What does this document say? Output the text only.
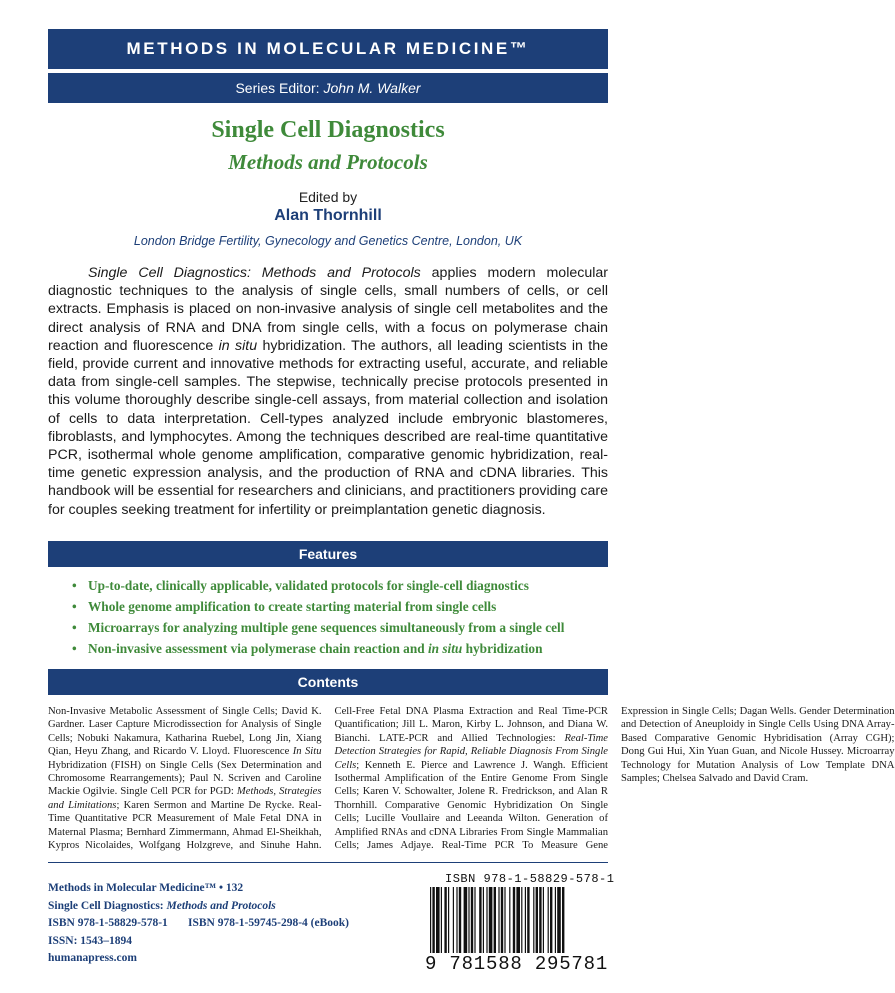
METHODS IN MOLECULAR MEDICINE™
Series Editor: John M. Walker
Single Cell Diagnostics
Methods and Protocols
Edited by
Alan Thornhill
London Bridge Fertility, Gynecology and Genetics Centre, London, UK
Single Cell Diagnostics: Methods and Protocols applies modern molecular diagnostic techniques to the analysis of single cells, small numbers of cells, or cell extracts. Emphasis is placed on non-invasive analysis of single cell metabolites and the direct analysis of RNA and DNA from single cells, with a focus on polymerase chain reaction and fluorescence in situ hybridization. The authors, all leading scientists in the field, provide current and innovative methods for extracting useful, accurate, and reliable data from single-cell samples. The stepwise, technically precise protocols presented in this volume thoroughly describe single-cell assays, from material collection and isolation of cells to data interpretation. Cell-types analyzed include embryonic blastomeres, fibroblasts, and lymphocytes. Among the techniques described are real-time quantitative PCR, isothermal whole genome amplification, comparative genomic hybridization, real-time genetic expression analysis, and the production of RNA and cDNA libraries. This handbook will be essential for researchers and clinicians, and practitioners providing care for couples seeking treatment for infertility or preimplantation genetic diagnosis.
Features
• Up-to-date, clinically applicable, validated protocols for single-cell diagnostics
• Whole genome amplification to create starting material from single cells
• Microarrays for analyzing multiple gene sequences simultaneously from a single cell
• Non-invasive assessment via polymerase chain reaction and in situ hybridization
Contents
Non-Invasive Metabolic Assessment of Single Cells; David K. Gardner. Laser Capture Microdissection for Analysis of Single Cells; Nobuki Nakamura, Katharina Ruebel, Long Jin, Xiang Qian, Heyu Zhang, and Ricardo V. Lloyd. Fluorescence In Situ Hybridization (FISH) on Single Cells (Sex Determination and Chromosome Rearrangements); Paul N. Scriven and Caroline Mackie Ogilvie. Single Cell PCR for PGD: Methods, Strategies and Limitations; Karen Sermon and Martine De Rycke. Real-Time Quantitative PCR Measurement of Male Fetal DNA in Maternal Plasma; Bernhard Zimmermann, Ahmad El-Sheikhah, Kypros Nicolaides, Wolfgang Holzgreve, and Sinuhe Hahn. Cell-Free Fetal DNA Plasma Extraction and Real Time-PCR Quantification; Jill L. Maron, Kirby L. Johnson, and Diana W. Bianchi. LATE-PCR and Allied Technologies: Real-Time Detection Strategies for Rapid, Reliable Diagnosis From Single Cells; Kenneth E. Pierce and Lawrence J. Wangh. Efficient Isothermal Amplification of the Entire Genome From Single Cells; Karen V. Schowalter, Jolene R. Fredrickson, and Alan R Thornhill. Comparative Genomic Hybridization On Single Cells; Lucille Voullaire and Leeanda Wilton. Generation of Amplified RNAs and cDNA Libraries From Single Mammalian Cells; James Adjaye. Real-Time PCR To Measure Gene Expression in Single Cells; Dagan Wells. Gender Determination and Detection of Aneuploidy in Single Cells Using DNA Array-Based Comparative Genomic Hybridisation (Array CGH); Dong Gui Hui, Xin Yuan Guan, and Nicole Hussey. Microarray Technology for Mutation Analysis of Low Template DNA Samples; Chelsea Salvado and David Cram.
Methods in Molecular Medicine™ • 132
Single Cell Diagnostics: Methods and Protocols
ISBN 978-1-58829-578-1 ISBN 978-1-59745-298-4 (eBook)
ISSN: 1543–1894
humanapress.com
ISBN 978-1-58829-578-1
9 781588 295781
